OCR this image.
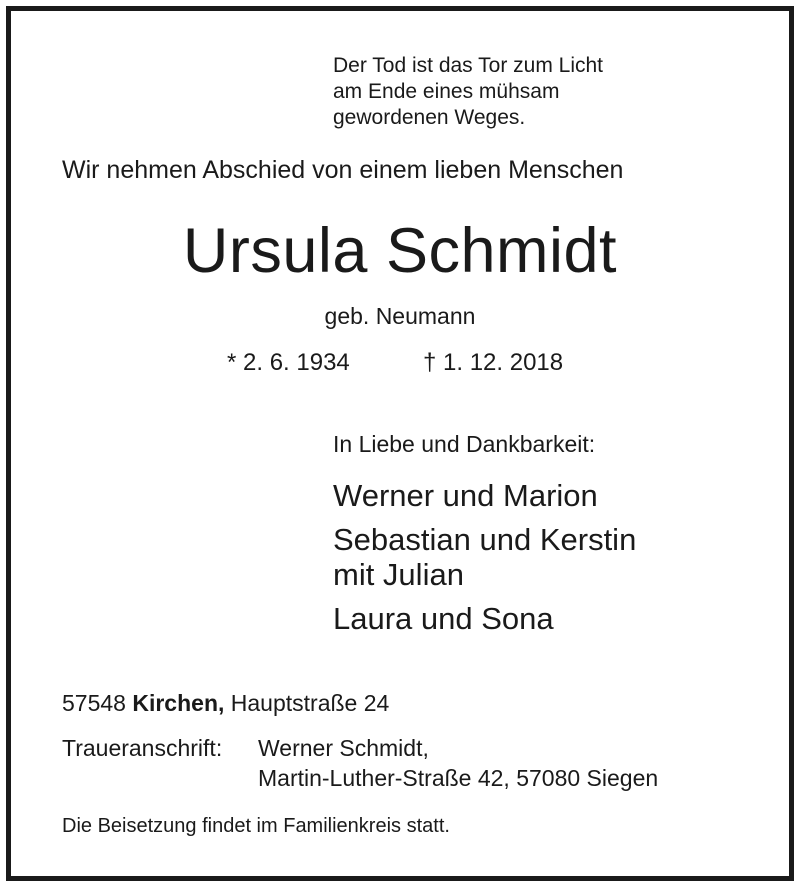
Der Tod ist das Tor zum Licht
am Ende eines mühsam
gewordenen Weges.
Wir nehmen Abschied von einem lieben Menschen
Ursula Schmidt
geb. Neumann
* 2. 6. 1934	† 1. 12. 2018
In Liebe und Dankbarkeit:
Werner und Marion
Sebastian und Kerstin
mit Julian
Laura und Sona
57548 Kirchen, Hauptstraße 24
Traueranschrift: Werner Schmidt,
Martin-Luther-Straße 42, 57080 Siegen
Die Beisetzung findet im Familienkreis statt.
